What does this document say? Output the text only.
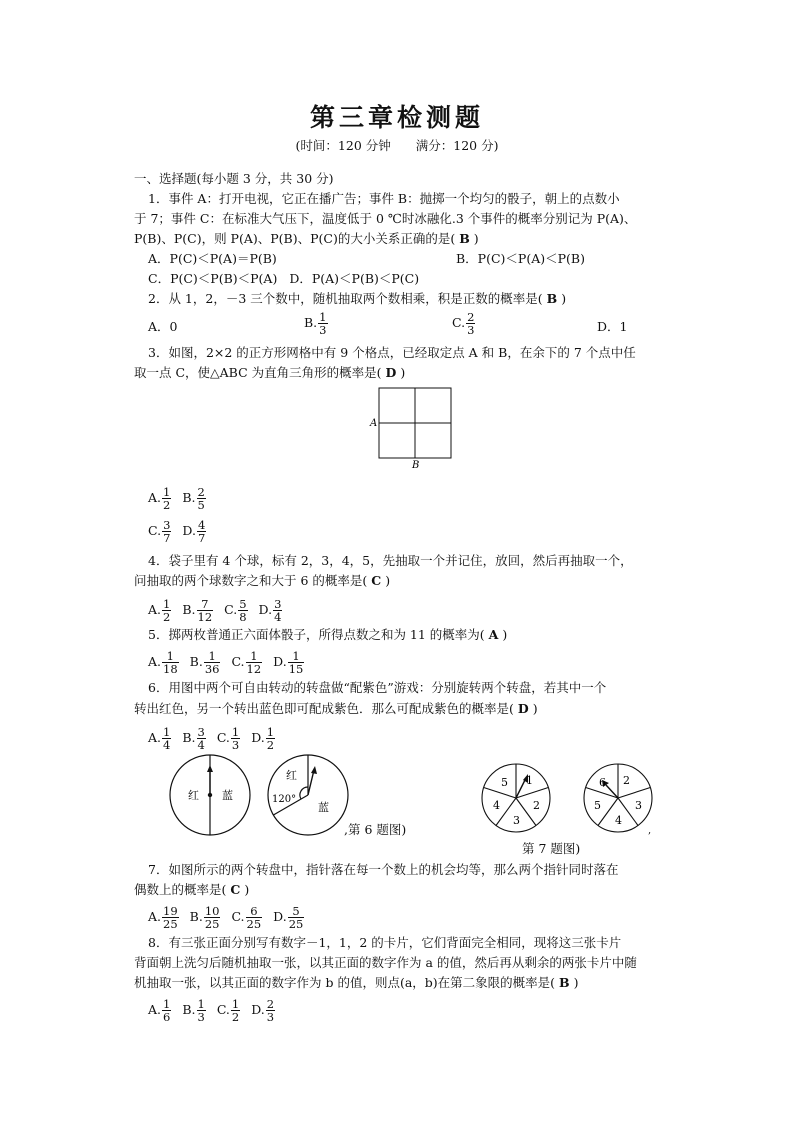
第三章检测题
(时间：120 分钟　　满分：120 分)
一、选择题(每小题 3 分，共 30 分)
1．事件 A：打开电视，它正在播广告；事件 B：抛掷一个均匀的骰子，朝上的点数小
于 7；事件 C：在标准大气压下，温度低于 0 ℃时冰融化.3 个事件的概率分别记为 P(A)、
P(B)、P(C)，则 P(A)、P(B)、P(C)的大小关系正确的是( B )
A．P(C)＜P(A)＝P(B)	B．P(C)＜P(A)＜P(B)
C．P(C)＜P(B)＜P(A) D．P(A)＜P(B)＜P(C)
2．从 1，2，－3 三个数中，随机抽取两个数相乘，积是正数的概率是( B )
A．0	B. $\frac{1}{3}$	C. $\frac{2}{3}$	D．1
3．如图，2×2 的正方形网格中有 9 个格点，已经取定点 A 和 B，在余下的 7 个点中任
取一点 C，使△ABC 为直角三角形的概率是( D )
A
B
A. $\frac{1}{2} B$. $\frac{2}{5}$
C. $\frac{3}{7} D$. $\frac{4}{7}$
4．袋子里有 4 个球，标有 2，3，4，5，先抽取一个并记住，放回，然后再抽取一个，
问抽取的两个球数字之和大于 6 的概率是( C )
A. $\frac{1}{2} B$. $\frac{7}{12} C$. $\frac{5}{8} D$. $\frac{3}{4}$
5．掷两枚普通正六面体骰子，所得点数之和为 11 的概率为( A )
A. $\frac{1}{18} B$. $\frac{1}{36} C$. $\frac{1}{12} D$. $\frac{1}{15}$
6．用图中两个可自由转动的转盘做“配紫色”游戏：分别旋转两个转盘，若其中一个
转出红色，另一个转出蓝色即可配成紫色．那么可配成紫色的概率是( D )
A. $\frac{1}{4} B$. $\frac{3}{4} C$. $\frac{1}{3} D$. $\frac{1}{2}$
红 蓝
红
120°
蓝
,第 6 题图)
5 1
2
3
4
6 2
3
4
5
,
第 7 题图)
7．如图所示的两个转盘中，指针落在每一个数上的机会均等，那么两个指针同时落在
偶数上的概率是( C )
A. $\frac{19}{25} B$. $\frac{10}{25} C$. $\frac{6}{25} D$. $\frac{5}{25}$
8．有三张正面分别写有数字－1，1，2 的卡片，它们背面完全相同，现将这三张卡片
背面朝上洗匀后随机抽取一张，以其正面的数字作为 a 的值，然后再从剩余的两张卡片中随
机抽取一张，以其正面的数字作为 b 的值，则点(a，b)在第二象限的概率是( B )
A. $\frac{1}{6} B$. $\frac{1}{3} C$. $\frac{1}{2} D$. $\frac{2}{3}$
